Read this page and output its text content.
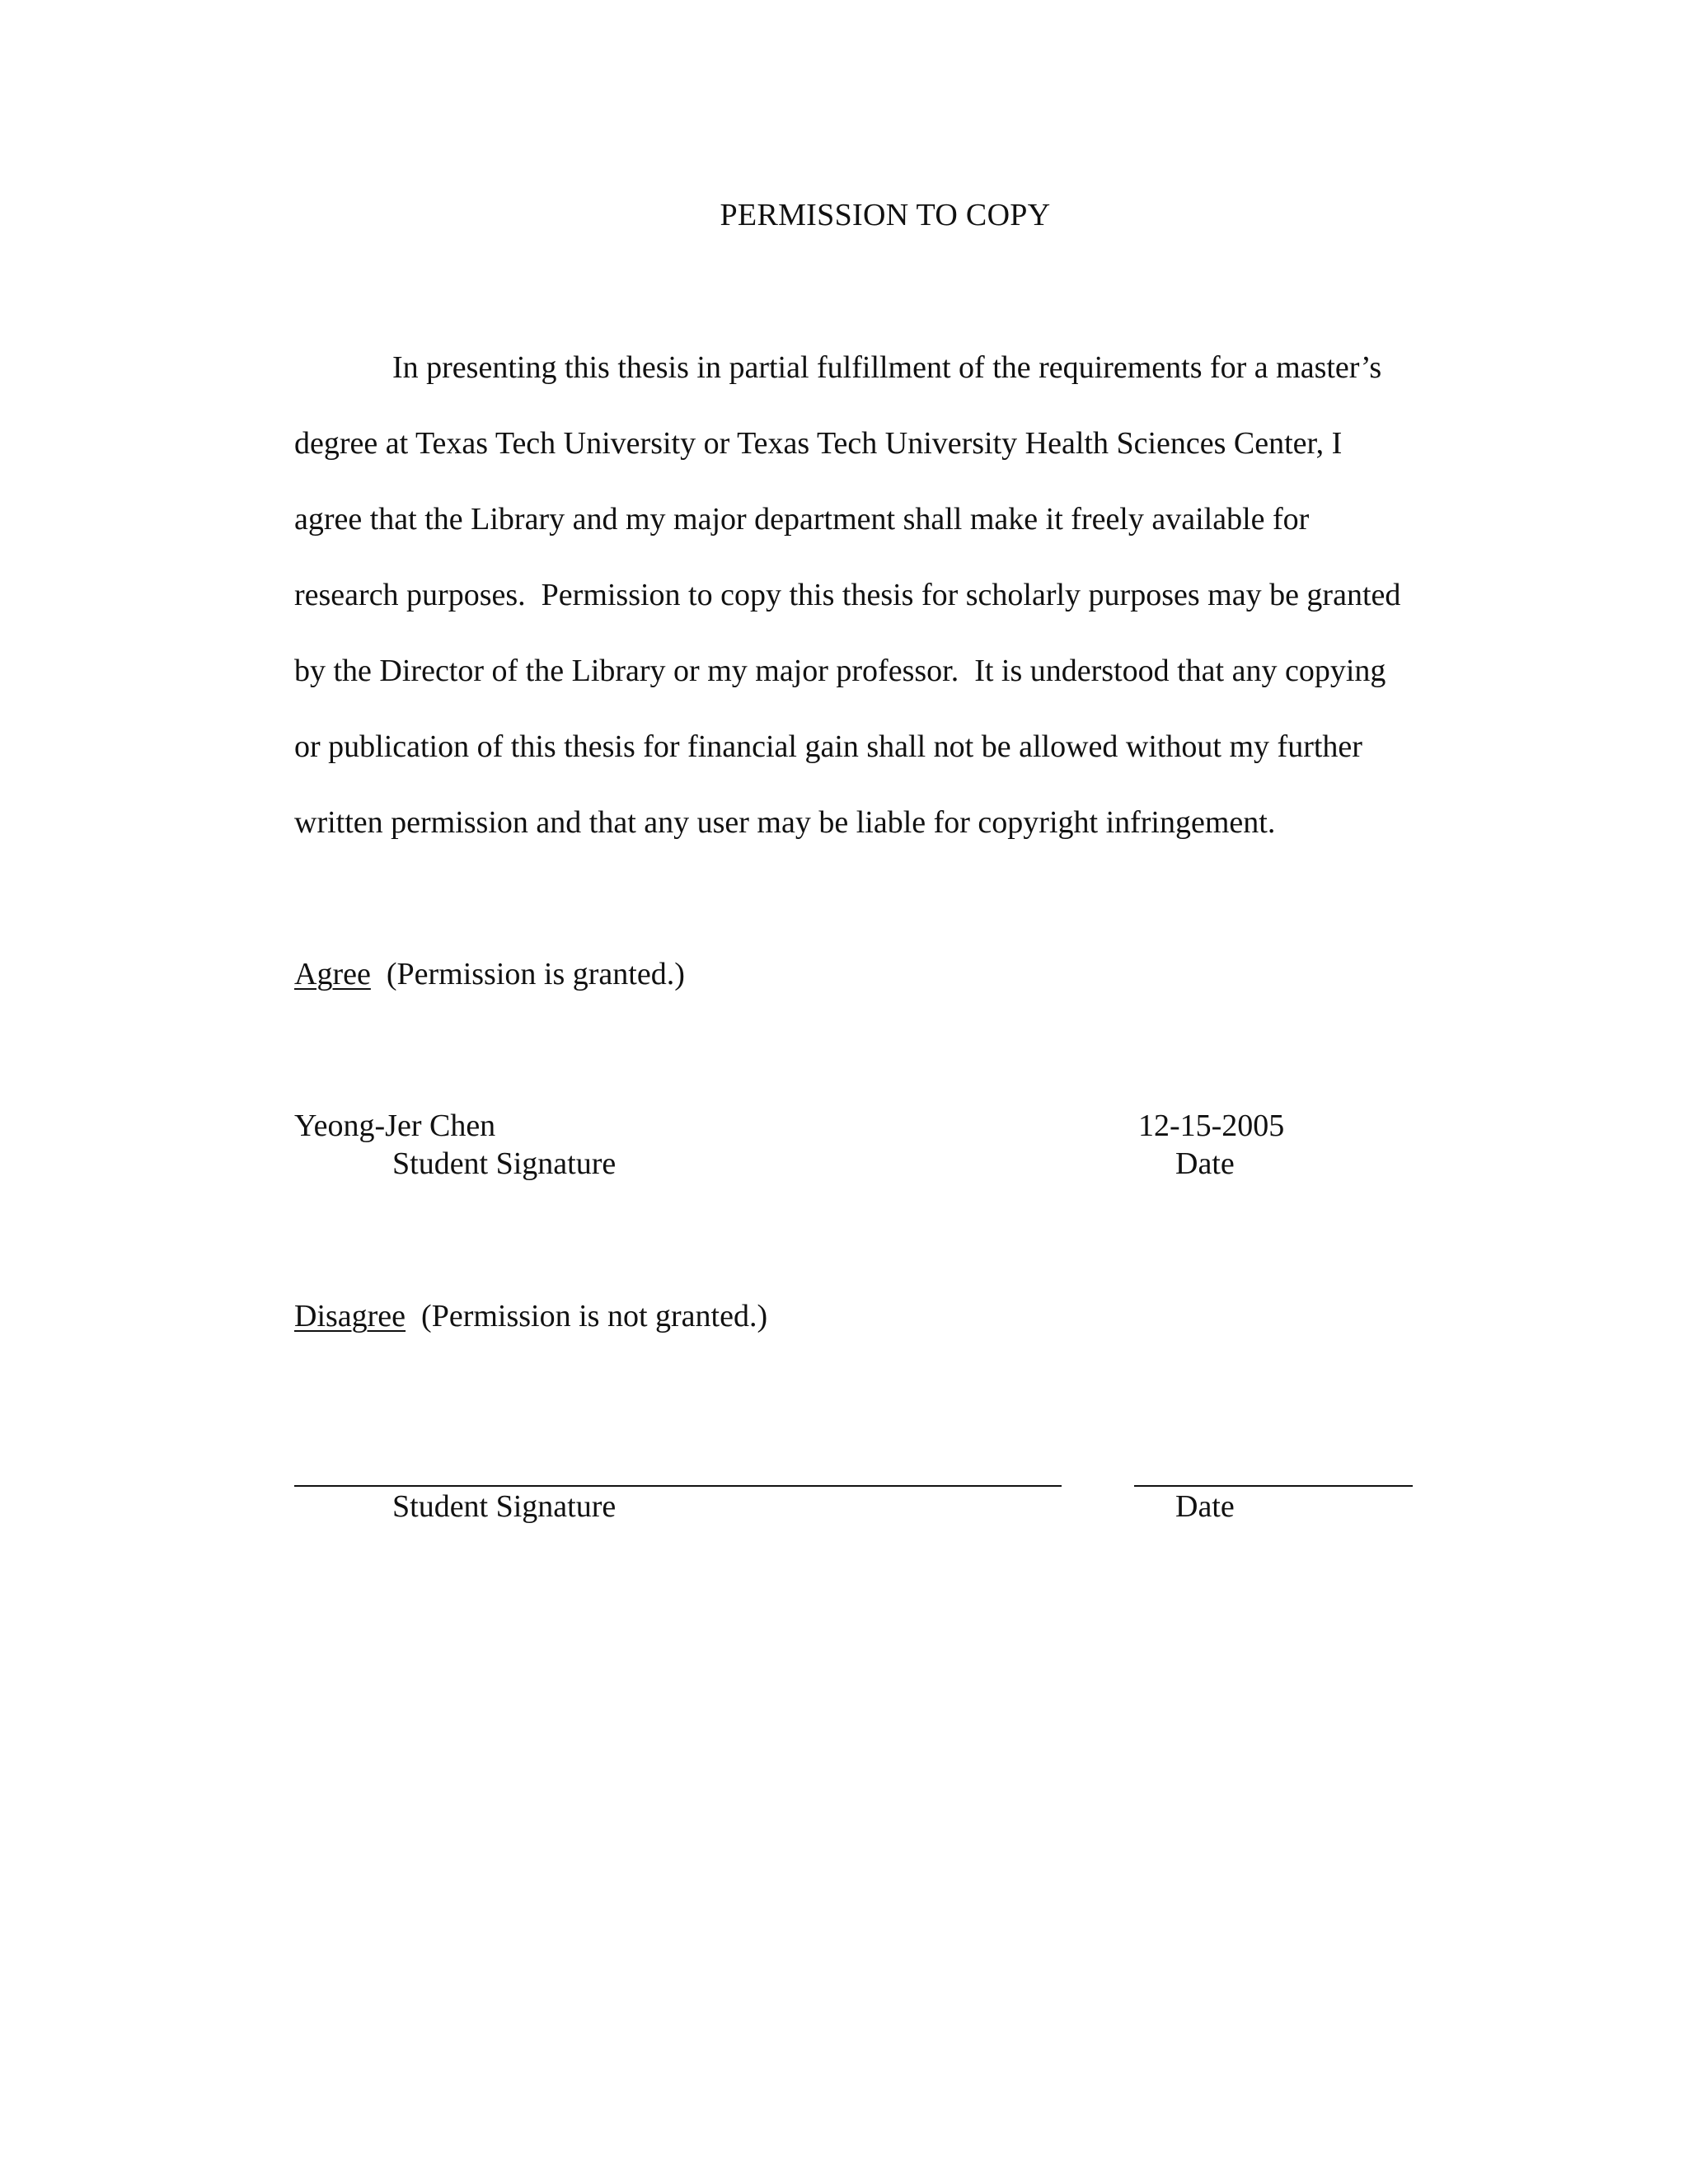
PERMISSION TO COPY

In presenting this thesis in partial fulfillment of the requirements for a master’s

degree at Texas Tech University or Texas Tech University Health Sciences Center, I

agree that the Library and my major department shall make it freely available for

research purposes.  Permission to copy this thesis for scholarly purposes may be granted

by the Director of the Library or my major professor.  It is understood that any copying

or publication of this thesis for financial gain shall not be allowed without my further

written permission and that any user may be liable for copyright infringement.

Agree (Permission is granted.)
Yeong-Jer Chen
Student Signature
12-15-2005
Date
Disagree (Permission is not granted.)
Student Signature	Date
